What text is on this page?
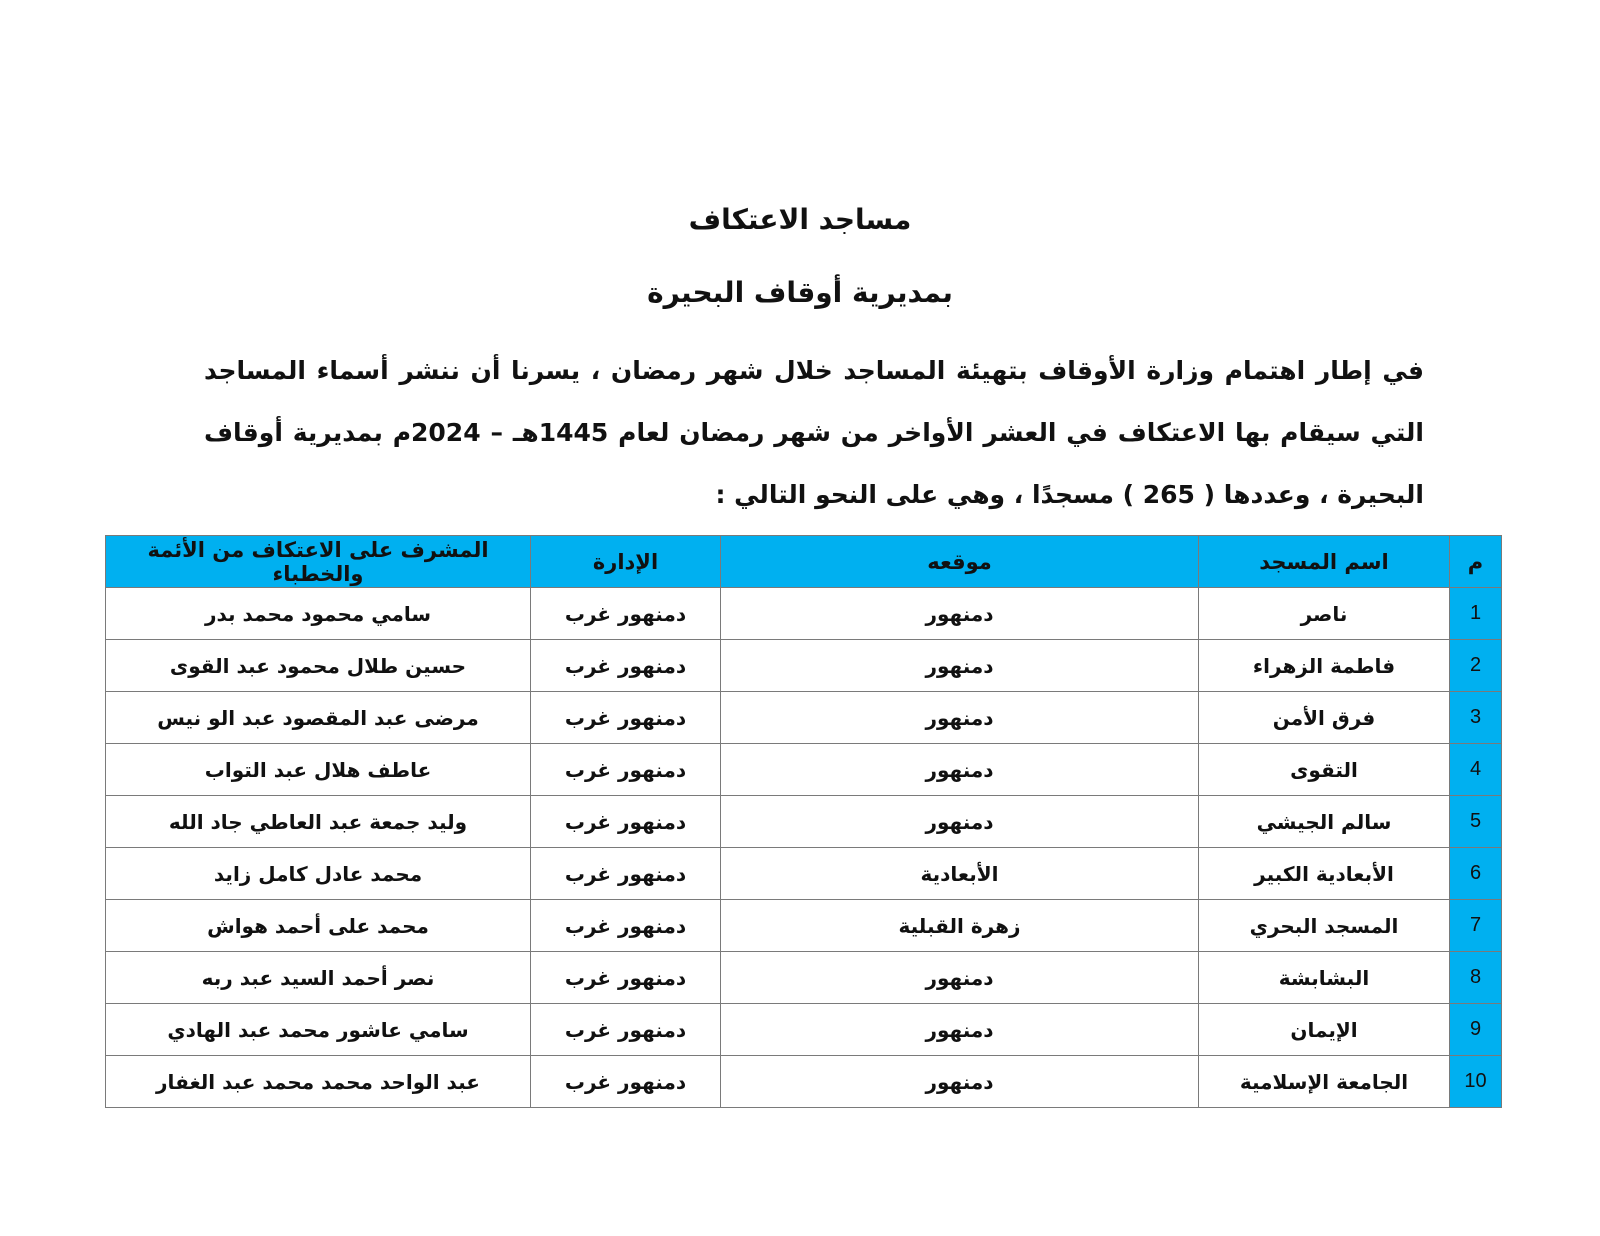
مساجد الاعتكاف
بمديرية أوقاف البحيرة

في إطار اهتمام وزارة الأوقاف بتهيئة المساجد خلال شهر رمضان ، يسرنا أن ننشر أسماء المساجد التي سيقام بها الاعتكاف في العشر الأواخر من شهر رمضان لعام 1445هـ – 2024م بمديرية أوقاف البحيرة ، وعددها ( 265 ) مسجدًا ، وهي على النحو التالي :

م	اسم المسجد	موقعه	الإدارة	المشرف على الاعتكاف من الأئمة والخطباء
1	ناصر	دمنهور	دمنهور غرب	سامي محمود محمد بدر
2	فاطمة الزهراء	دمنهور	دمنهور غرب	حسين طلال محمود عبد القوى
3	فرق الأمن	دمنهور	دمنهور غرب	مرضى عبد المقصود عبد الو نيس
4	التقوى	دمنهور	دمنهور غرب	عاطف هلال عبد التواب
5	سالم الجيشي	دمنهور	دمنهور غرب	وليد جمعة عبد العاطي جاد الله
6	الأبعادية الكبير	الأبعادية	دمنهور غرب	محمد عادل كامل زايد
7	المسجد البحري	زهرة القبلية	دمنهور غرب	محمد على أحمد هواش
8	البشابشة	دمنهور	دمنهور غرب	نصر أحمد السيد عبد ربه
9	الإيمان	دمنهور	دمنهور غرب	سامي عاشور محمد عبد الهادي
10	الجامعة الإسلامية	دمنهور	دمنهور غرب	عبد الواحد محمد محمد عبد الغفار
